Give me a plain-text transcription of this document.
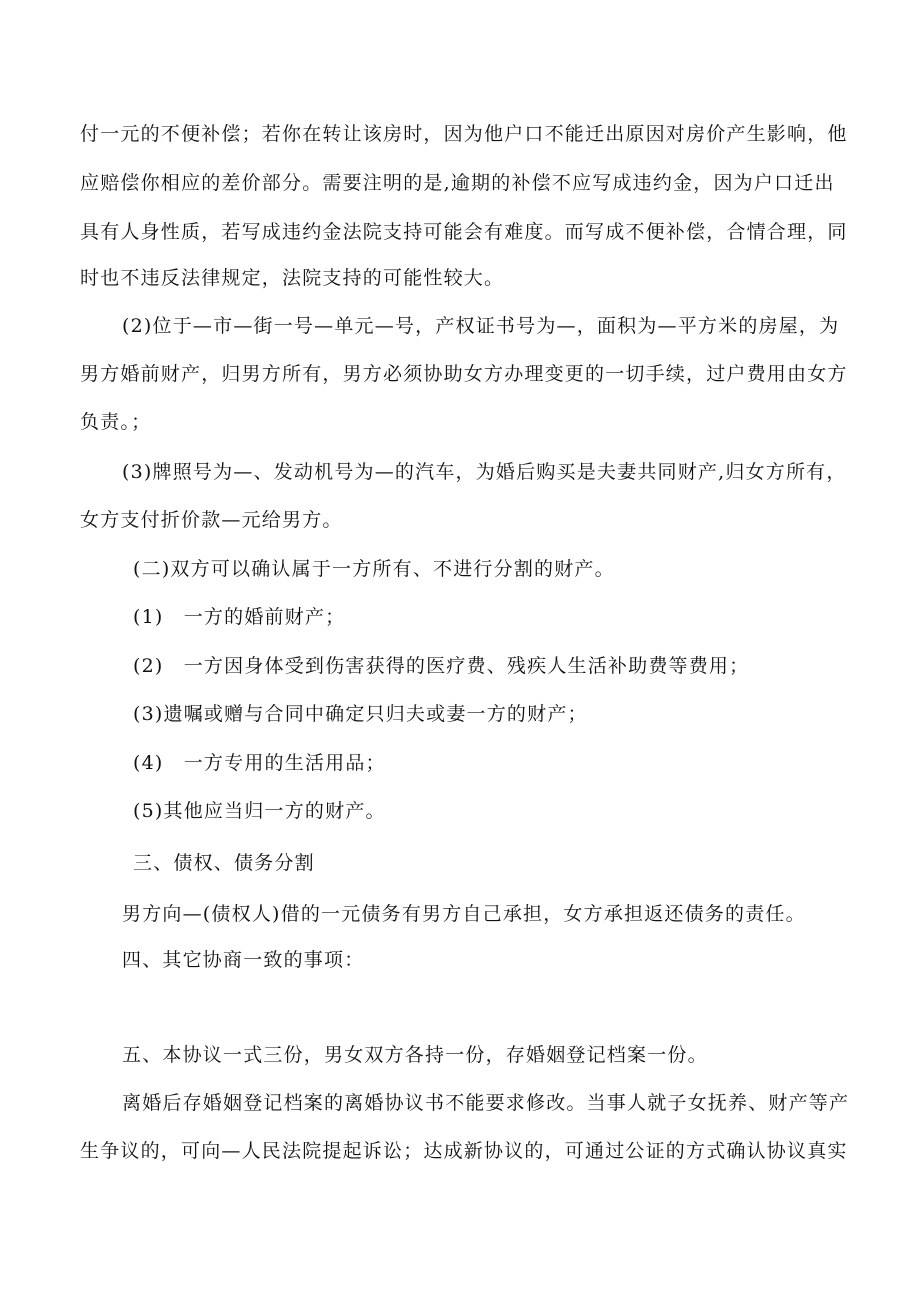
付一元的不便补偿；若你在转让该房时，因为他户口不能迁出原因对房价产生影响，他
应赔偿你相应的差价部分。需要注明的是,逾期的补偿不应写成违约金，因为户口迁出
具有人身性质，若写成违约金法院支持可能会有难度。而写成不便补偿，合情合理，同
时也不违反法律规定，法院支持的可能性较大。
(2)位于—市—街一号—单元—号，产权证书号为—，面积为—平方米的房屋，为
男方婚前财产，归男方所有，男方必须协助女方办理变更的一切手续，过户费用由女方
负责。；
(3)牌照号为—、发动机号为—的汽车，为婚后购买是夫妻共同财产,归女方所有，
女方支付折价款—元给男方。
(二)双方可以确认属于一方所有、不进行分割的财产。
(1)　一方的婚前财产；
(2)　一方因身体受到伤害获得的医疗费、残疾人生活补助费等费用；
(3)遗嘱或赠与合同中确定只归夫或妻一方的财产；
(4)　一方专用的生活用品；
(5)其他应当归一方的财产。
三、债权、债务分割
男方向—(债权人)借的一元债务有男方自己承担，女方承担返还债务的责任。
四、其它协商一致的事项：
五、本协议一式三份，男女双方各持一份，存婚姻登记档案一份。
离婚后存婚姻登记档案的离婚协议书不能要求修改。当事人就子女抚养、财产等产
生争议的，可向—人民法院提起诉讼；达成新协议的，可通过公证的方式确认协议真实
